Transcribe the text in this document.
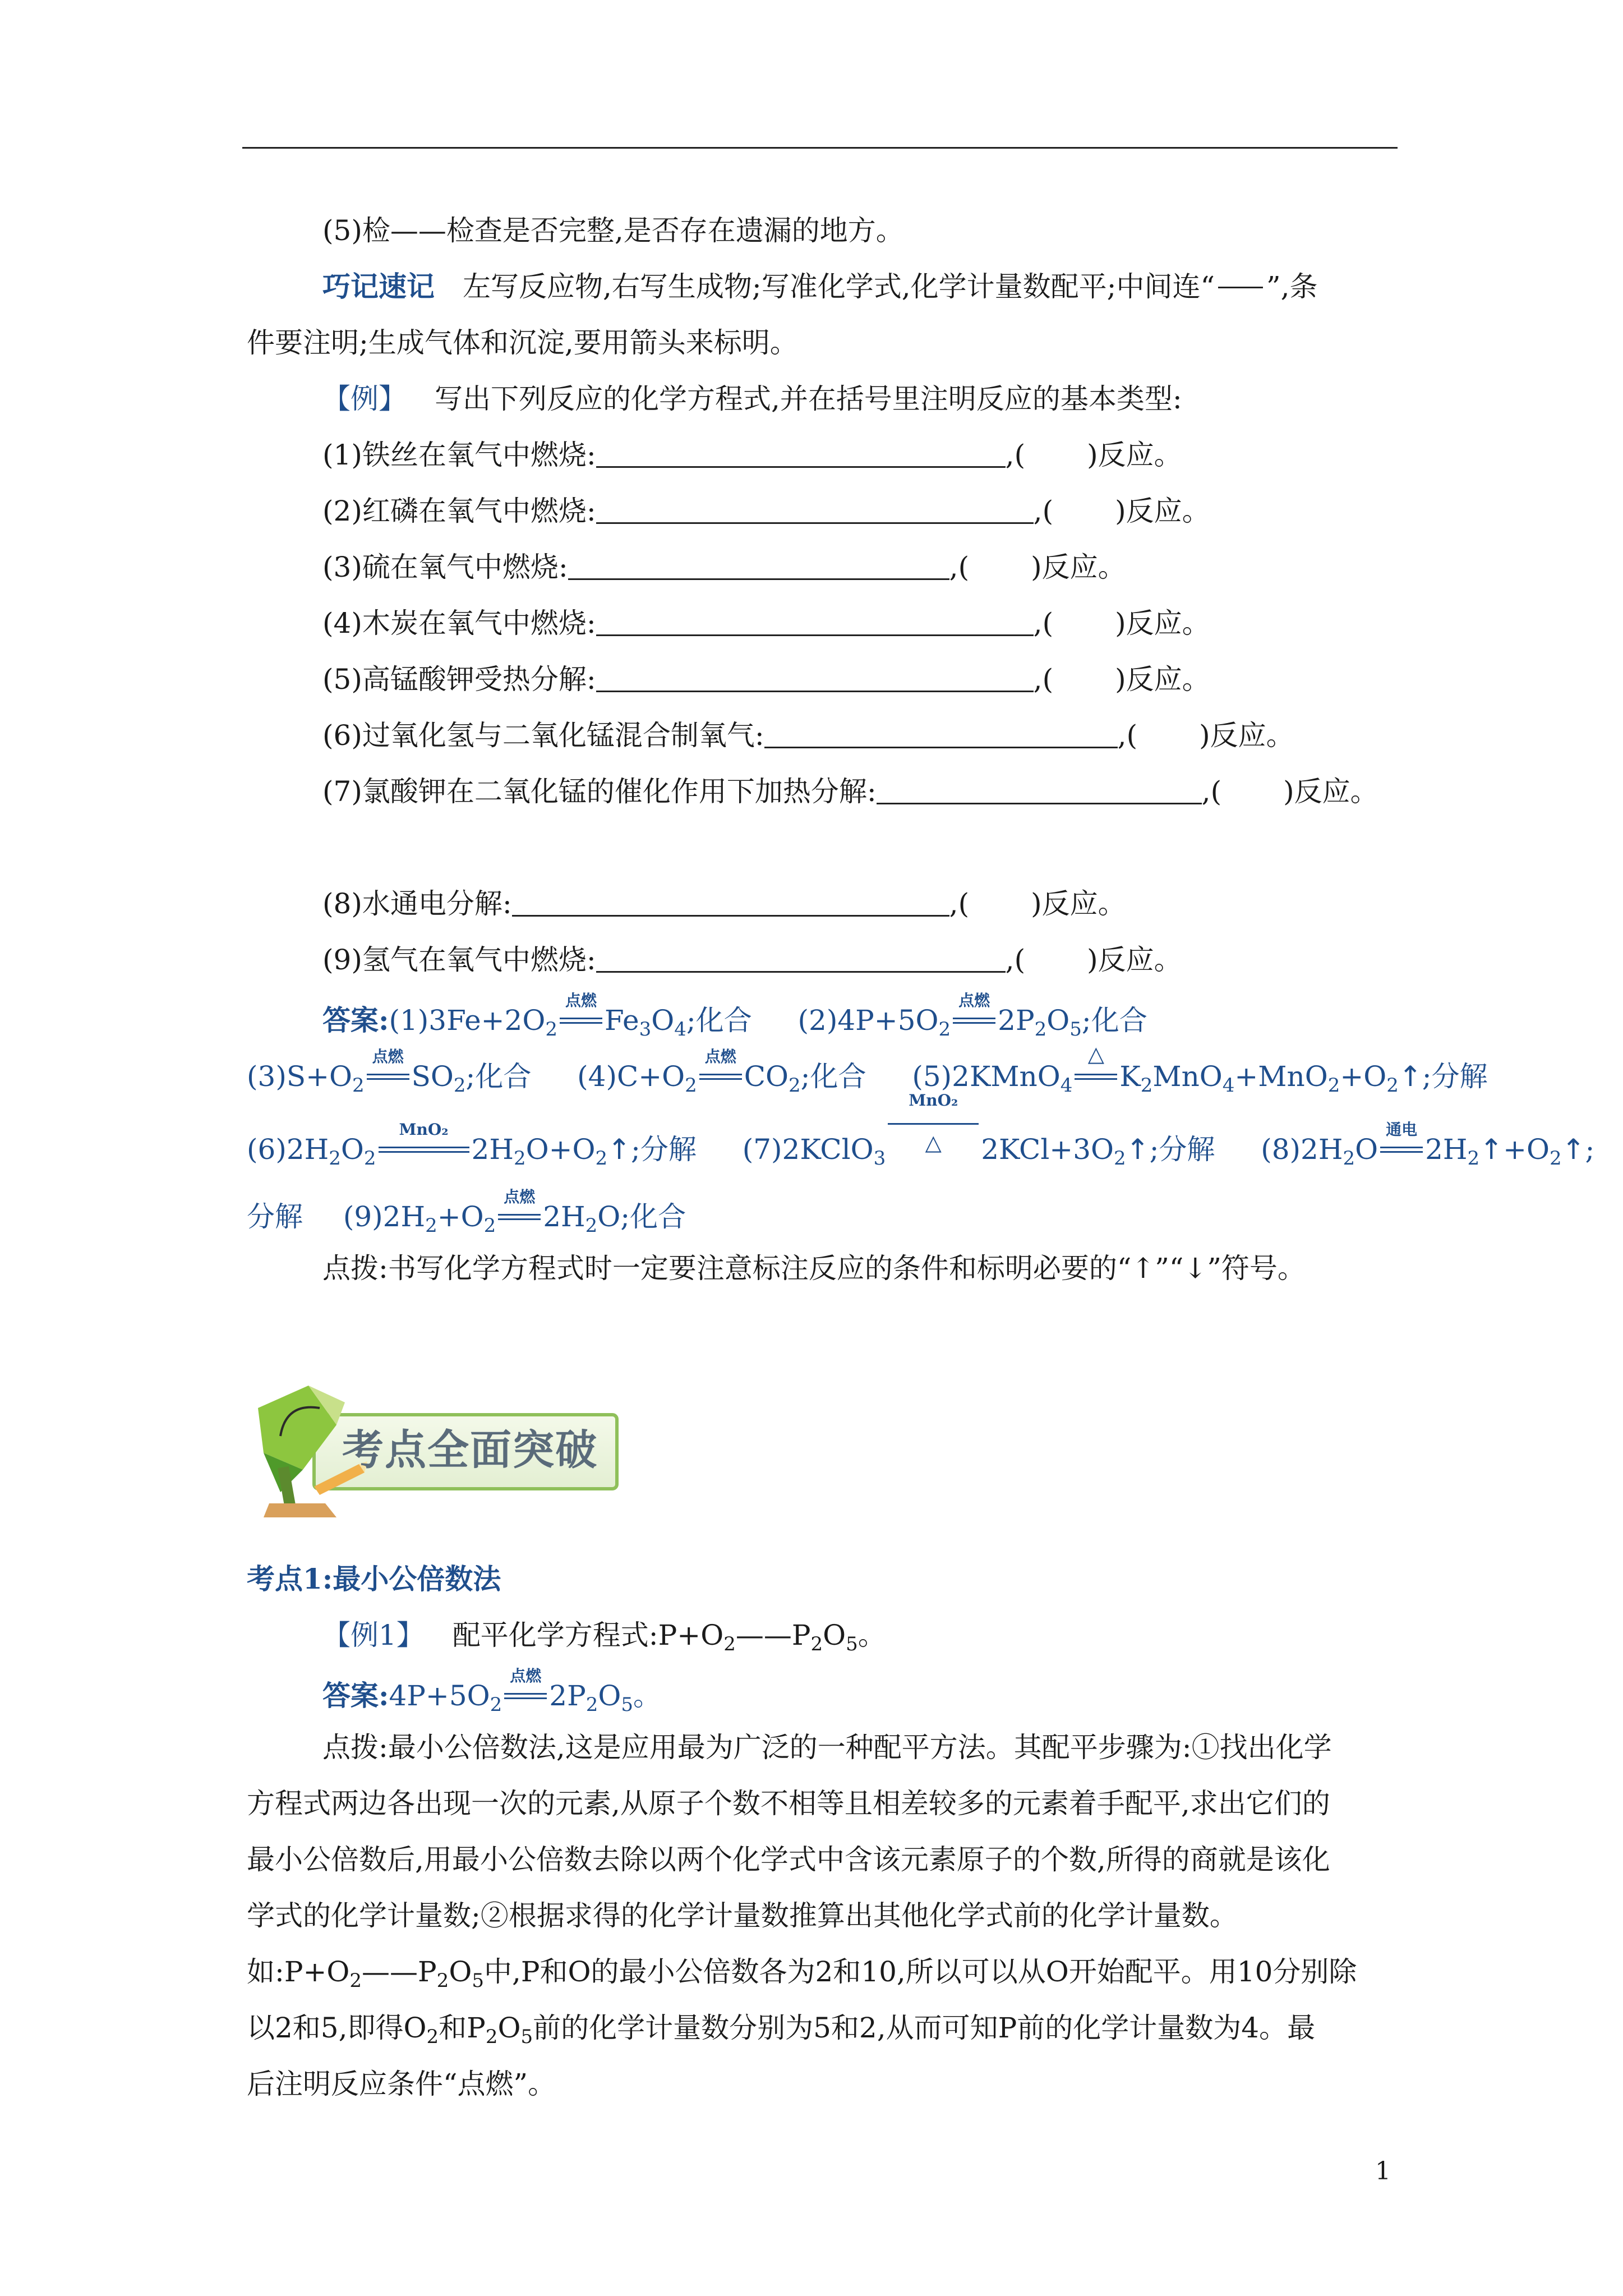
(5)检——检查是否完整,是否存在遗漏的地方。
巧记速记 左写反应物,右写生成物;写准化学式,化学计量数配平;中间连“ ”,条
件要注明;生成气体和沉淀,要用箭头来标明。
【例】 写出下列反应的化学方程式,并在括号里注明反应的基本类型:
(1)铁丝在氧气中燃烧:	,( )反应。
(2)红磷在氧气中燃烧:	,( )反应。
(3)硫在氧气中燃烧:	,( )反应。
(4)木炭在氧气中燃烧:	,( )反应。
(5)高锰酸钾受热分解:	,( )反应。
(6)过氧化氢与二氧化锰混合制氧气:	,( )反应。
(7)氯酸钾在二氧化锰的催化作用下加热分解:	,( )反应。
(8)水通电分解:	,( )反应。
(9)氢气在氧气中燃烧:	,( )反应。
答案$:(1)3Fe+2O_2$
点燃
$Fe_3O_4$;化合 $(2)4P+5O_2$
点燃
$2P_2O_5$;化合
$(3)S+O_2$
点燃
$SO_2$;化合 $(4)C+O_2$
点燃
$CO_2$;化合 (5)2KMnO$_4$
△
$K_2MnO_4+MnO_2+O_2↑$;分解
$(6)2H_2O_2$
MnO₂
$2H_2O+O_2↑$;分解 (7)2KClO$_3$
MnO₂
△	$2KCl+3O_2↑$;分解 $(8)2H_2O$
通电
$2H_2↑+O_2↑$;
分解 $(9)2H_2+O_2$
点燃
$2H_2O$;化合
点拨:书写化学方程式时一定要注意标注反应的条件和标明必要的“↑”“↓”符号。
考点全面突破
考点1:最小公倍数法
【例1】 配平化学方程式$:P+O_2——P_2O_5$。
答案$:4P+5O_2$
点燃
$2P_2O_5$。
点拨:最小公倍数法,这是应用最为广泛的一种配平方法。其配平步骤为:①找出化学
方程式两边各出现一次的元素,从原子个数不相等且相差较多的元素着手配平,求出它们的
最小公倍数后,用最小公倍数去除以两个化学式中含该元素原子的个数,所得的商就是该化
学式的化学计量数;②根据求得的化学计量数推算出其他化学式前的化学计量数。
如$:P+O_2——P_2O_5$中,P和O的最小公倍数各为2和10,所以可以从O开始配平。用10分别除
以2和5,即得$O_2$和$P_2O_5$前的化学计量数分别为5和2,从而可知P前的化学计量数为4。最
后注明反应条件“点燃”。
1
